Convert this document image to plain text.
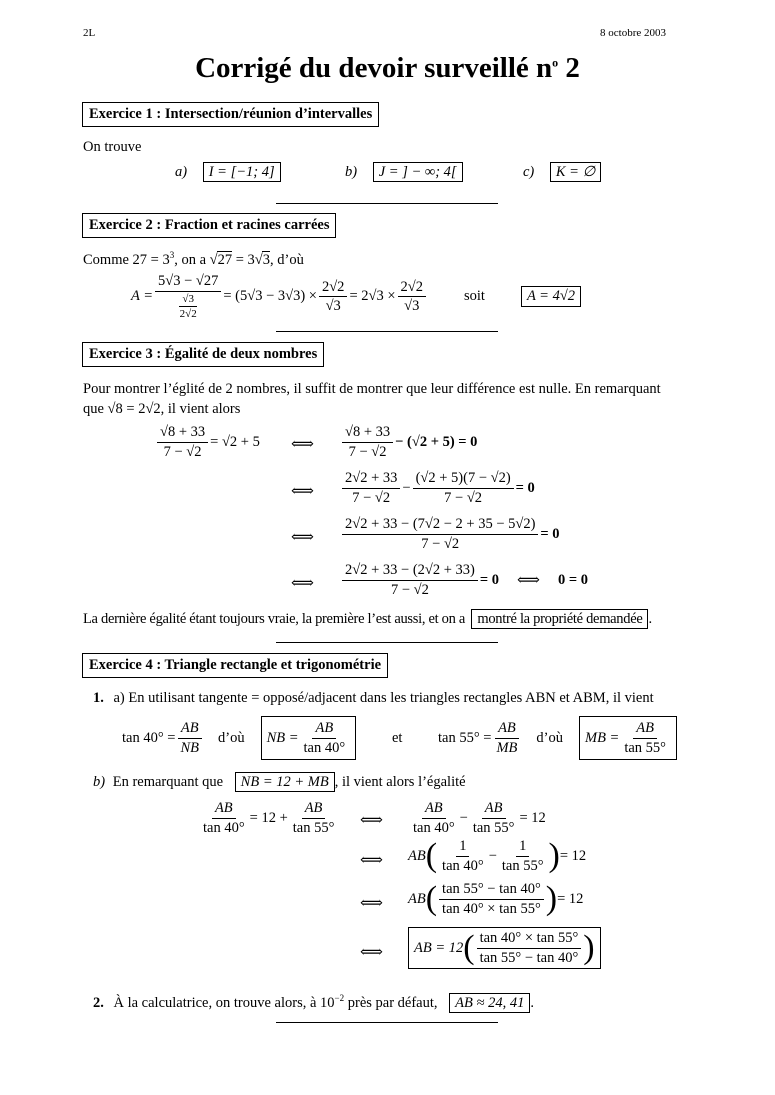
2L	8 octobre 2003
Corrigé du devoir surveillé $n^o$ 2
Exercice 1 : Intersection/réunion d’intervalles
On trouve
a) I = [−1; 4]	b) J = ] − ∞; 4[	c) K = ∅
Exercice 2 : Fraction et racines carrées
Comme $27 = 3^3$, on a √27 = 3√3, d’où
$A = \frac{5√3 - √27}{\frac{√3}{2√2}} = (5√3 - 3√3) \times \frac{2√2}{√3} = 2√3 \times \frac{2√2}{√3}$	soit	A = 4√2
Exercice 3 : Égalité de deux nombres
Pour montrer l’églité de 2 nombres, il suffit de montrer que leur différence est nulle. En remarquant
que √8 = 2√2, il vient alors
$\frac{√8 + 33}{7 - √2} = √2 + 5$ ⟺ $\frac{√8 + 33}{7 - √2} - (√2 + 5) = 0$
⟺ $\frac{2√2 + 33}{7 - √2} - \frac{(√2 + 5)(7 - √2)}{7 - √2} = 0$
⟺ $\frac{2√2 + 33 - (7√2 - 2 + 35 - 5√2)}{7 - √2} = 0$
⟺ $\frac{2√2 + 33 - (2√2 + 33)}{7 - √2} = 0$ ⟺ 0 = 0
La dernière égalité étant toujours vraie, la première l’est aussi, et on a montré la propriété demandée .
Exercice 4 : Triangle rectangle et trigonométrie
1. a) En utilisant tangente = opposé/adjacent dans les triangles rectangles ABN et ABM, il vient
$\tan 40^\circ = \frac{AB}{NB}$ d’où NB = $\frac{AB}{\tan 40^\circ}$	et $\tan 55^\circ = \frac{AB}{MB}$ d’où MB = $\frac{AB}{\tan 55^\circ}$
b) En remarquant que NB = 12 + MB , il vient alors l’égalité
$\frac{AB}{\tan 40^\circ} = 12 + \frac{AB}{\tan 55^\circ}$ ⟺ $\frac{AB}{\tan 40^\circ} - \frac{AB}{\tan 55^\circ} = 12$
⟺ AB ( $\frac{1}{\tan 40^\circ} - \frac{1}{\tan 55^\circ}$ ) = 12
⟺ AB ( $\frac{\tan 55^\circ - \tan 40^\circ}{\tan 40^\circ \times \tan 55^\circ}$ ) = 12
⟺ AB = 12 ( $\frac{\tan 40^\circ \times \tan 55^\circ}{\tan 55^\circ - \tan 40^\circ}$ )
2. À la calculatrice, on trouve alors, à $10^{-2}$ près par défaut, AB ≈ 24, 41 .
